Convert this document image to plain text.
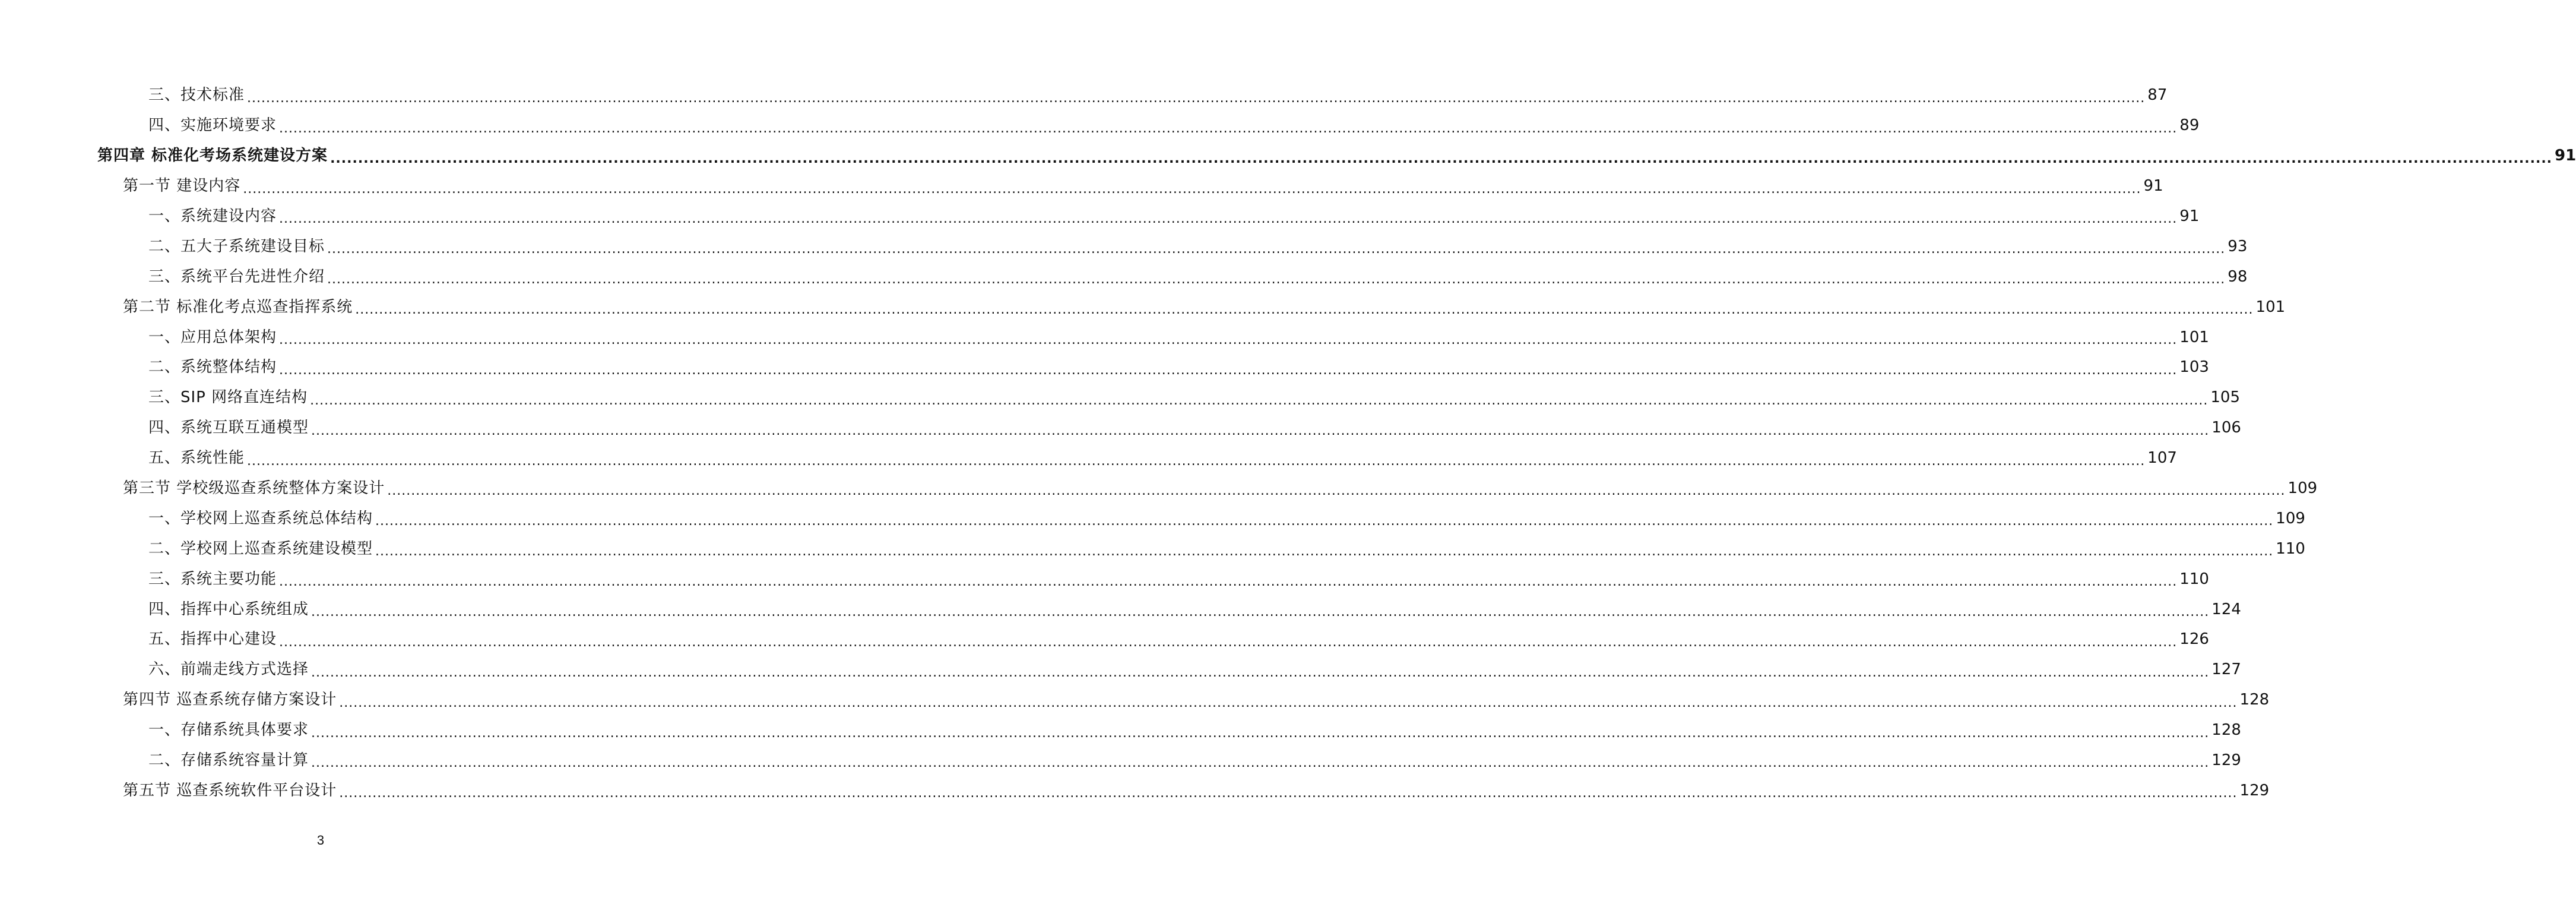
三、技术标准 ................................................................................................................................................................................................................................................................................................................................................................................................................ 87
四、实施环境要求 ................................................................................................................................................................................................................................................................................................................................................................................................................ 89
第四章 标准化考场系统建设方案 ................................................................................................................................................................................................................................................................................................................................................................................................................ 91
第一节 建设内容 ................................................................................................................................................................................................................................................................................................................................................................................................................ 91
一、系统建设内容 ................................................................................................................................................................................................................................................................................................................................................................................................................ 91
二、五大子系统建设目标 ................................................................................................................................................................................................................................................................................................................................................................................................................ 93
三、系统平台先进性介绍 ................................................................................................................................................................................................................................................................................................................................................................................................................ 98
第二节 标准化考点巡查指挥系统 ................................................................................................................................................................................................................................................................................................................................................................................................................ 101
一、应用总体架构 ................................................................................................................................................................................................................................................................................................................................................................................................................ 101
二、系统整体结构 ................................................................................................................................................................................................................................................................................................................................................................................................................ 103
三、SIP 网络直连结构 ................................................................................................................................................................................................................................................................................................................................................................................................................ 105
四、系统互联互通模型 ................................................................................................................................................................................................................................................................................................................................................................................................................ 106
五、系统性能 ................................................................................................................................................................................................................................................................................................................................................................................................................ 107
第三节 学校级巡查系统整体方案设计 ................................................................................................................................................................................................................................................................................................................................................................................................................ 109
一、学校网上巡查系统总体结构 ................................................................................................................................................................................................................................................................................................................................................................................................................ 109
二、学校网上巡查系统建设模型 ................................................................................................................................................................................................................................................................................................................................................................................................................ 110
三、系统主要功能 ................................................................................................................................................................................................................................................................................................................................................................................................................ 110
四、指挥中心系统组成 ................................................................................................................................................................................................................................................................................................................................................................................................................ 124
五、指挥中心建设 ................................................................................................................................................................................................................................................................................................................................................................................................................ 126
六、前端走线方式选择 ................................................................................................................................................................................................................................................................................................................................................................................................................ 127
第四节 巡查系统存储方案设计 ................................................................................................................................................................................................................................................................................................................................................................................................................ 128
一、存储系统具体要求 ................................................................................................................................................................................................................................................................................................................................................................................................................ 128
二、存储系统容量计算 ................................................................................................................................................................................................................................................................................................................................................................................................................ 129
第五节 巡查系统软件平台设计 ................................................................................................................................................................................................................................................................................................................................................................................................................ 129
3
